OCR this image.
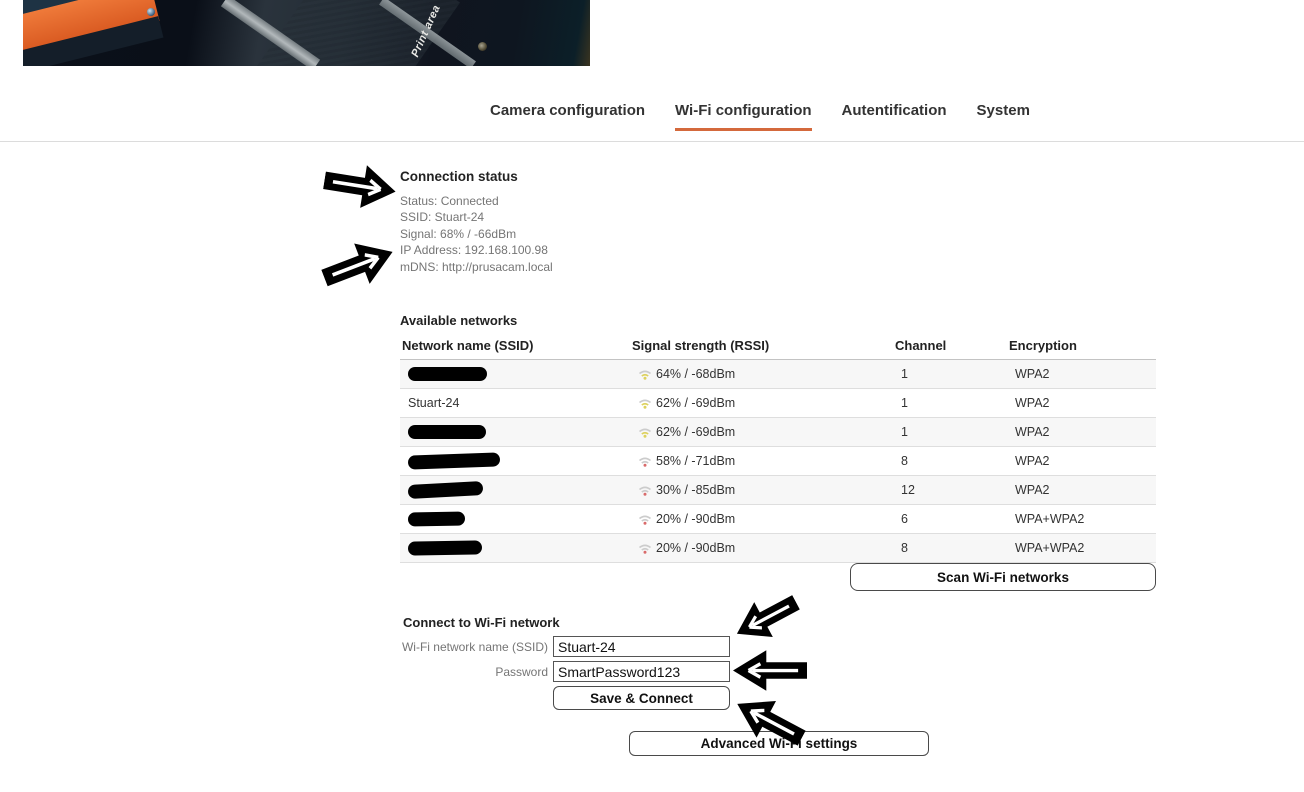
Print area
Camera configuration Wi-Fi configuration Autentification System
Connection status
Status: Connected
SSID: Stuart-24
Signal: 68% / -66dBm
IP Address: 192.168.100.98
mDNS: http://prusacam.local
Available networks
Network name (SSID)	Signal strength (RSSI)	Channel	Encryption
	64% / -68dBm	1	WPA2
Stuart-24	62% / -69dBm	1	WPA2
	62% / -69dBm	1	WPA2
	58% / -71dBm	8	WPA2
	30% / -85dBm	12	WPA2
	20% / -90dBm	6	WPA+WPA2
	20% / -90dBm	8	WPA+WPA2
Scan Wi-Fi networks
Connect to Wi-Fi network
Wi-Fi network name (SSID)
Stuart-24
Password
SmartPassword123
Save & Connect
Advanced Wi-Fi settings
